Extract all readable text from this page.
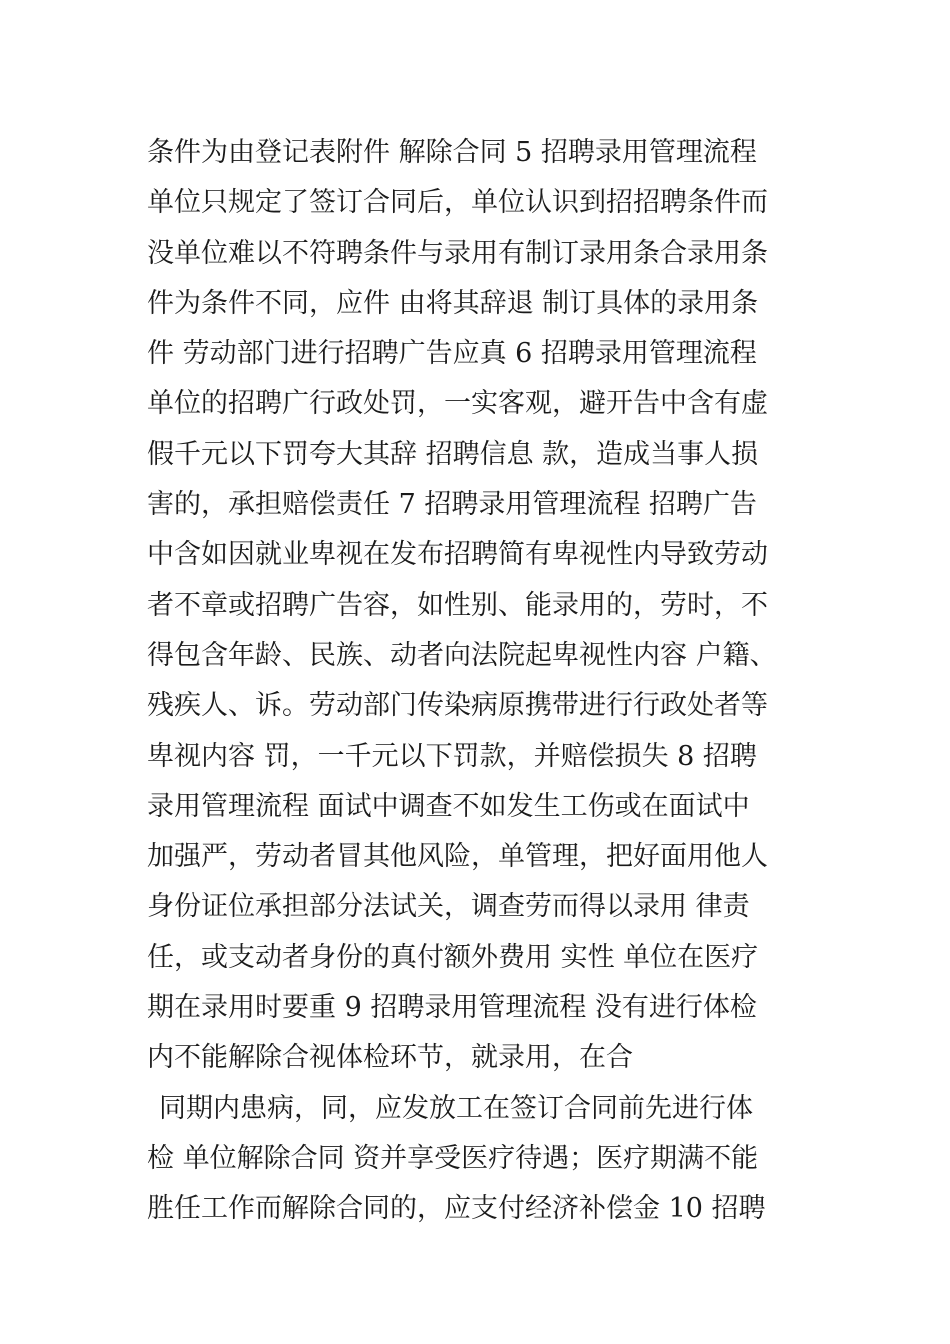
条件为由登记表附件 解除合同 5 招聘录用管理流程
单位只规定了签订合同后，单位认识到招招聘条件而
没单位难以不符聘条件与录用有制订录用条合录用条
件为条件不同，应件 由将其辞退 制订具体的录用条
件 劳动部门进行招聘广告应真 6 招聘录用管理流程
单位的招聘广行政处罚，一实客观，避开告中含有虚
假千元以下罚夸大其辞 招聘信息 款，造成当事人损
害的，承担赔偿责任 7 招聘录用管理流程 招聘广告
中含如因就业卑视在发布招聘简有卑视性内导致劳动
者不章或招聘广告容，如性别、能录用的，劳时，不
得包含年龄、民族、动者向法院起卑视性内容 户籍、
残疾人、诉。劳动部门传染病原携带进行行政处者等
卑视内容 罚，一千元以下罚款，并赔偿损失 8 招聘
录用管理流程 面试中调查不如发生工伤或在面试中
加强严，劳动者冒其他风险，单管理，把好面用他人
身份证位承担部分法试关，调查劳而得以录用 律责
任，或支动者身份的真付额外费用 实性 单位在医疗
期在录用时要重 9 招聘录用管理流程 没有进行体检
内不能解除合视体检环节，就录用，在合
同期内患病，同，应发放工在签订合同前先进行体
检 单位解除合同 资并享受医疗待遇；医疗期满不能
胜任工作而解除合同的，应支付经济补偿金 10 招聘
